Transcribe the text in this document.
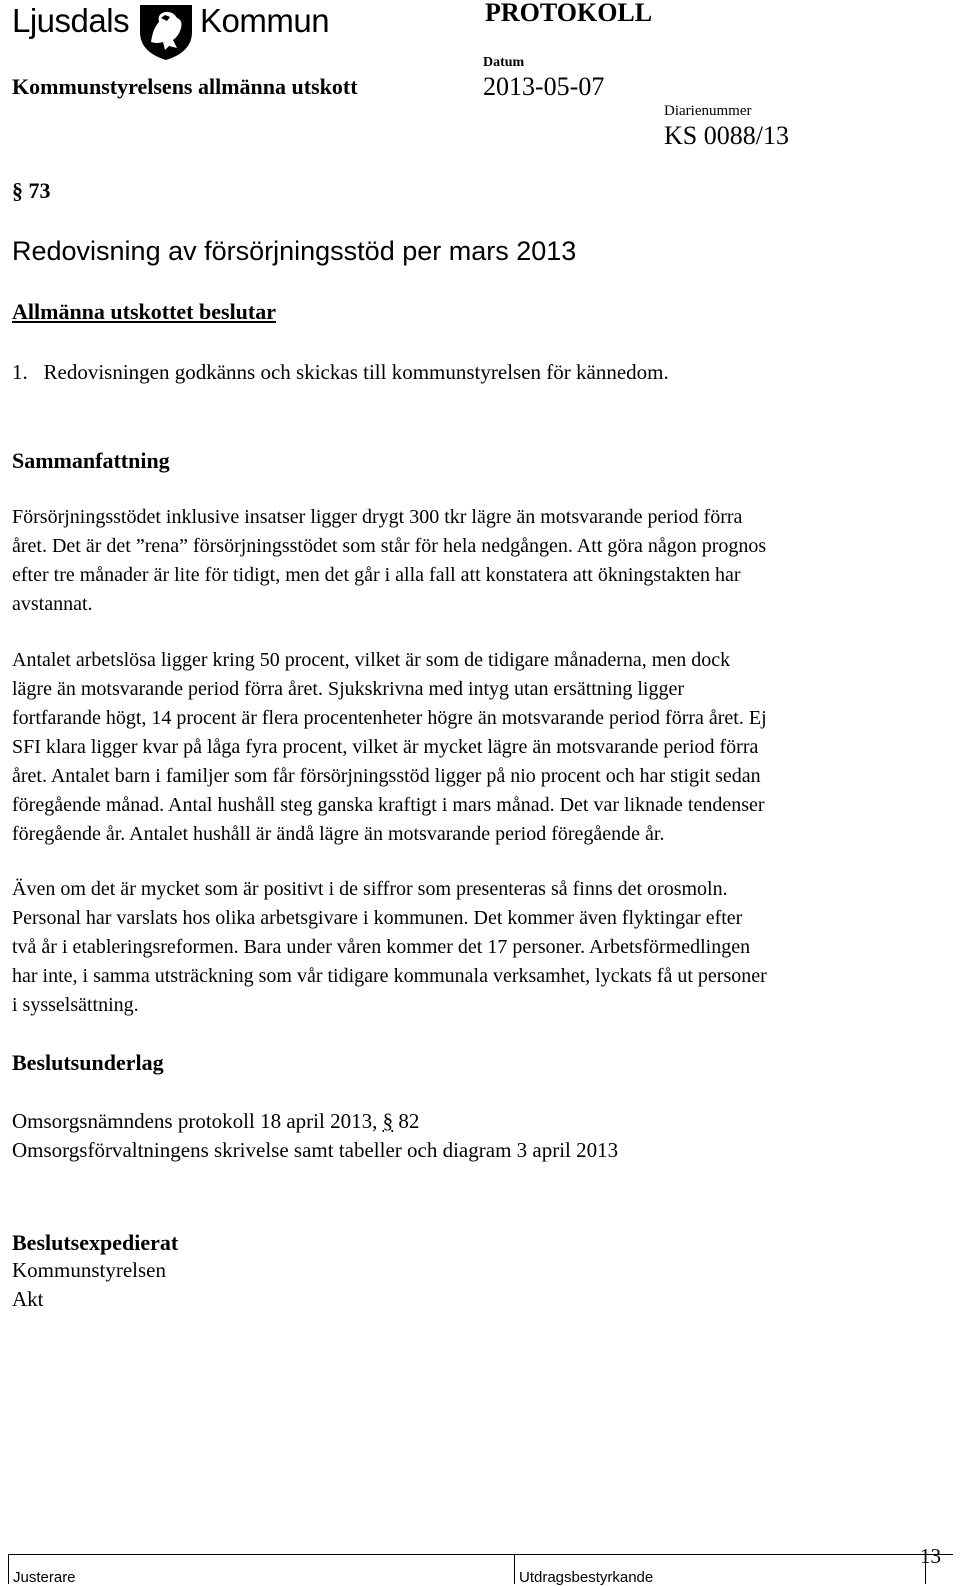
Ljusdals Kommun	PROTOKOLL
Kommunstyrelsens allmänna utskott
Datum
2013-05-07
Diarienummer
KS 0088/13
§ 73
Redovisning av försörjningsstöd per mars 2013
Allmänna utskottet beslutar
1.   Redovisningen godkänns och skickas till kommunstyrelsen för kännedom.
Sammanfattning
Försörjningsstödet inklusive insatser ligger drygt 300 tkr lägre än motsvarande period förra
året. Det är det ”rena” försörjningsstödet som står för hela nedgången. Att göra någon prognos
efter tre månader är lite för tidigt, men det går i alla fall att konstatera att ökningstakten har
avstannat.
Antalet arbetslösa ligger kring 50 procent, vilket är som de tidigare månaderna, men dock
lägre än motsvarande period förra året. Sjukskrivna med intyg utan ersättning ligger
fortfarande högt, 14 procent är flera procentenheter högre än motsvarande period förra året. Ej
SFI klara ligger kvar på låga fyra procent, vilket är mycket lägre än motsvarande period förra
året. Antalet barn i familjer som får försörjningsstöd ligger på nio procent och har stigit sedan
föregående månad. Antal hushåll steg ganska kraftigt i mars månad. Det var liknade tendenser
föregående år. Antalet hushåll är ändå lägre än motsvarande period föregående år.
Även om det är mycket som är positivt i de siffror som presenteras så finns det orosmoln.
Personal har varslats hos olika arbetsgivare i kommunen. Det kommer även flyktingar efter
två år i etableringsreformen. Bara under våren kommer det 17 personer. Arbetsförmedlingen
har inte, i samma utsträckning som vår tidigare kommunala verksamhet, lyckats få ut personer
i sysselsättning.
Beslutsunderlag
Omsorgsnämndens protokoll 18 april 2013, § 82
Omsorgsförvaltningens skrivelse samt tabeller och diagram 3 april 2013
Beslutsexpedierat
Kommunstyrelsen
Akt
Justerare	Utdragsbestyrkande
13
